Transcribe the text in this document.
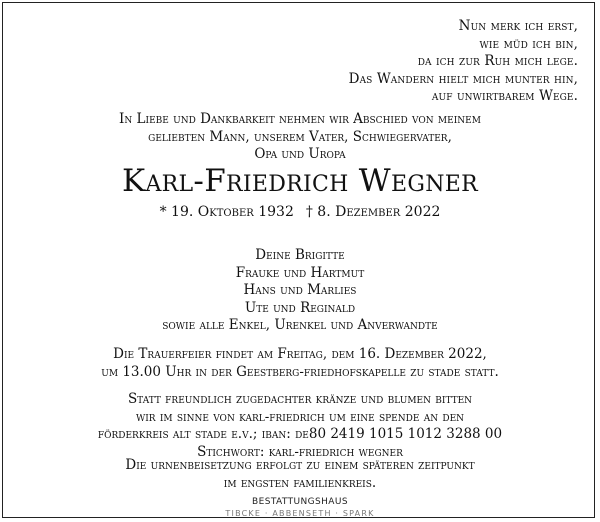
Nun merk ich erst,
wie müd ich bin,
da ich zur Ruh mich lege.
Das Wandern hielt mich munter hin,
auf unwirtbarem Wege.
In Liebe und Dankbarkeit nehmen wir Abschied von meinem
geliebten Mann, unserem Vater, Schwiegervater,
Opa und Uropa
Karl-Friedrich Wegner
* 19. Oktober 1932 † 8. Dezember 2022
Deine Brigitte
Frauke und Hartmut
Hans und Marlies
Ute und Reginald
sowie alle Enkel, Urenkel und Anverwandte
Die Trauerfeier findet am Freitag, dem 16. Dezember 2022,
um 13.00 Uhr in der Geestberg-friedhofskapelle zu stade statt.
Statt freundlich zugedachter kränze und blumen bitten
wir im sinne von karl-friedrich um eine spende an den
förderkreis alt stade e.v.; iban: de80 2419 1015 1012 3288 00
Stichwort: karl-friedrich wegner
Die urnenbeisetzung erfolgt zu einem späteren zeitpunkt
im engsten familienkreis.
BESTATTUNGSHAUS
TIBCKE · ABBENSETH · SPARK
